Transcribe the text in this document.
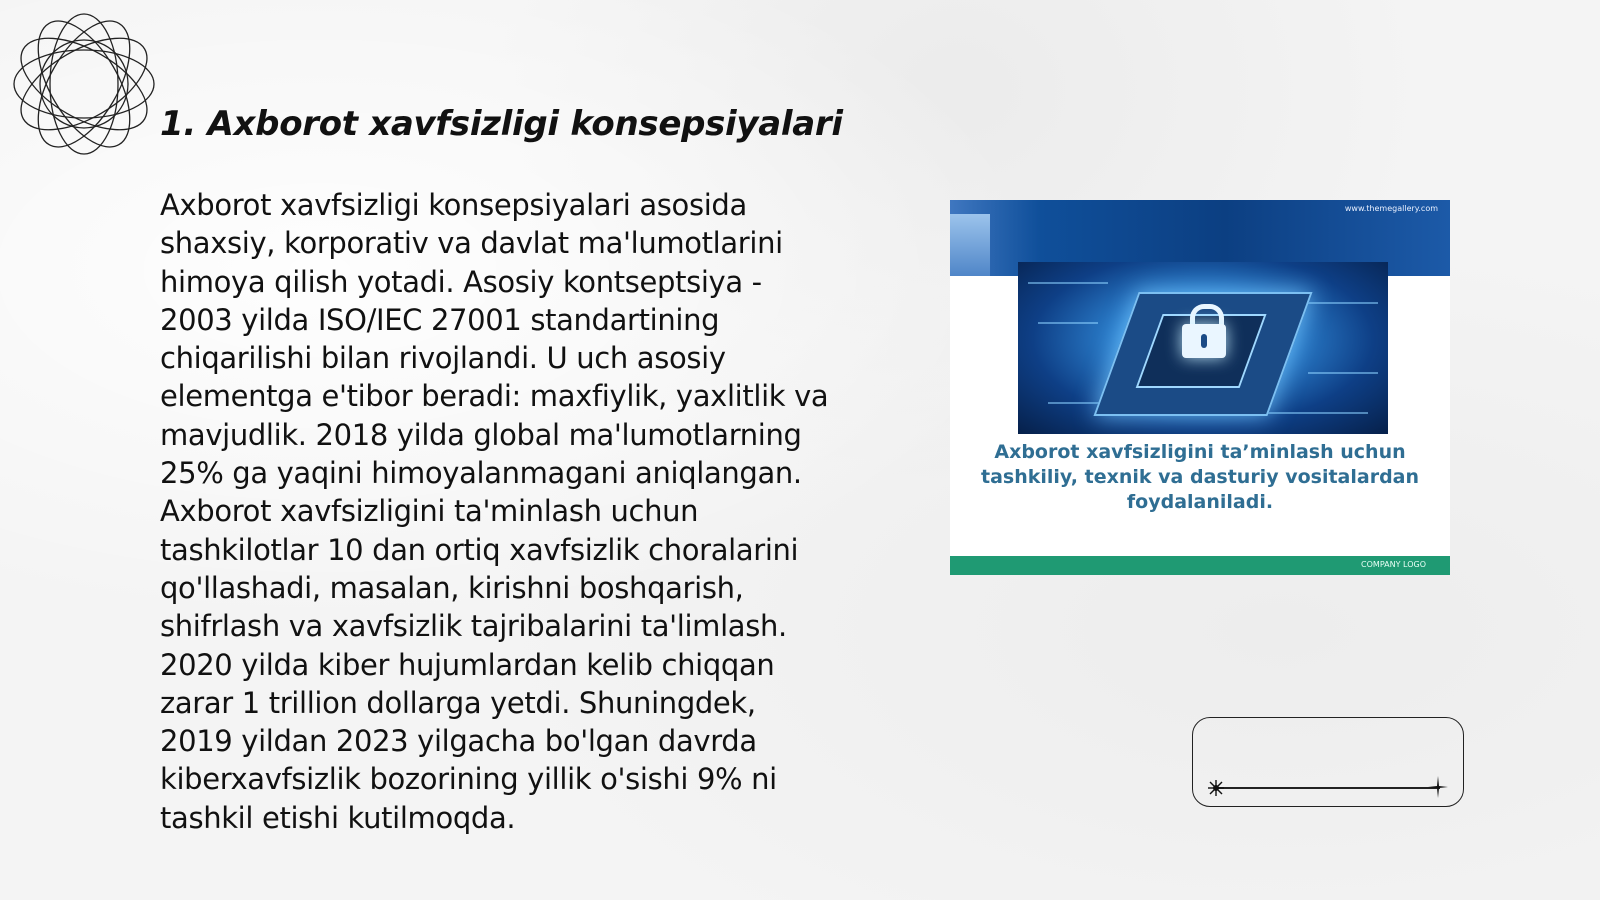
1. Axborot xavfsizligi konsepsiyalari

Axborot xavfsizligi konsepsiyalari asosida shaxsiy, korporativ va davlat ma'lumotlarini himoya qilish yotadi. Asosiy kontseptsiya - 2003 yilda ISO/IEC 27001 standartining chiqarilishi bilan rivojlandi. U uch asosiy elementga e'tibor beradi: maxfiylik, yaxlitlik va mavjudlik. 2018 yilda global ma'lumotlarning 25% ga yaqini himoyalanmagani aniqlangan. Axborot xavfsizligini ta'minlash uchun tashkilotlar 10 dan ortiq xavfsizlik choralarini qo'llashadi, masalan, kirishni boshqarish, shifrlash va xavfsizlik tajribalarini ta'limlash. 2020 yilda kiber hujumlardan kelib chiqqan zarar 1 trillion dollarga yetdi. Shuningdek, 2019 yildan 2023 yilgacha bo'lgan davrda kiberxavfsizlik bozorining yillik o'sishi 9% ni tashkil etishi kutilmoqda.

www.themegallery.com

Axborot xavfsizligini ta’minlash uchun tashkiliy, texnik va dasturiy vositalardan foydalaniladi.

COMPANY LOGO
